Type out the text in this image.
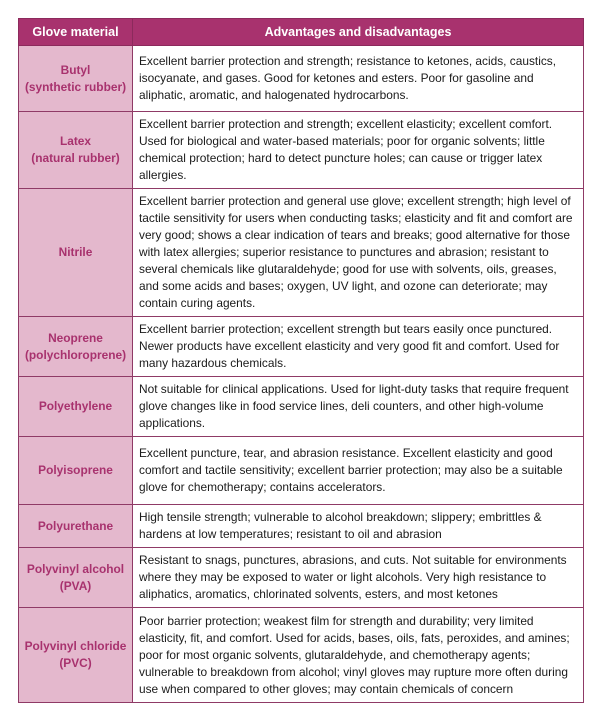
Glove material	Advantages and disadvantages
Butyl
(synthetic rubber)	Excellent barrier protection and strength; resistance to ketones, acids, caustics, isocyanate, and gases. Good for ketones and esters. Poor for gasoline and aliphatic, aromatic, and halogenated hydrocarbons.
Latex
(natural rubber)	Excellent barrier protection and strength; excellent elasticity; excellent comfort. Used for biological and water-based materials; poor for organic solvents; little chemical protection; hard to detect puncture holes; can cause or trigger latex allergies.
Nitrile	Excellent barrier protection and general use glove; excellent strength; high level of tactile sensitivity for users when conducting tasks; elasticity and fit and comfort are very good; shows a clear indication of tears and breaks; good alternative for those with latex allergies; superior resistance to punctures and abrasion; resistant to several chemicals like glutaraldehyde; good for use with solvents, oils, greases, and some acids and bases; oxygen, UV light, and ozone can deteriorate; may contain curing agents.
Neoprene
(polychloroprene)	Excellent barrier protection; excellent strength but tears easily once punctured. Newer products have excellent elasticity and very good fit and comfort. Used for many hazardous chemicals.
Polyethylene	Not suitable for clinical applications. Used for light-duty tasks that require frequent glove changes like in food service lines, deli counters, and other high-volume applications.
Polyisoprene	Excellent puncture, tear, and abrasion resistance. Excellent elasticity and good comfort and tactile sensitivity; excellent barrier protection; may also be a suitable glove for chemotherapy; contains accelerators.
Polyurethane	High tensile strength; vulnerable to alcohol breakdown; slippery; embrittles & hardens at low temperatures; resistant to oil and abrasion
Polyvinyl alcohol
(PVA)	Resistant to snags, punctures, abrasions, and cuts. Not suitable for environments where they may be exposed to water or light alcohols. Very high resistance to aliphatics, aromatics, chlorinated solvents, esters, and most ketones
Polyvinyl chloride
(PVC)	Poor barrier protection; weakest film for strength and durability; very limited elasticity, fit, and comfort. Used for acids, bases, oils, fats, peroxides, and amines; poor for most organic solvents, glutaraldehyde, and chemotherapy agents; vulnerable to breakdown from alcohol; vinyl gloves may rupture more often during use when compared to other gloves; may contain chemicals of concern
